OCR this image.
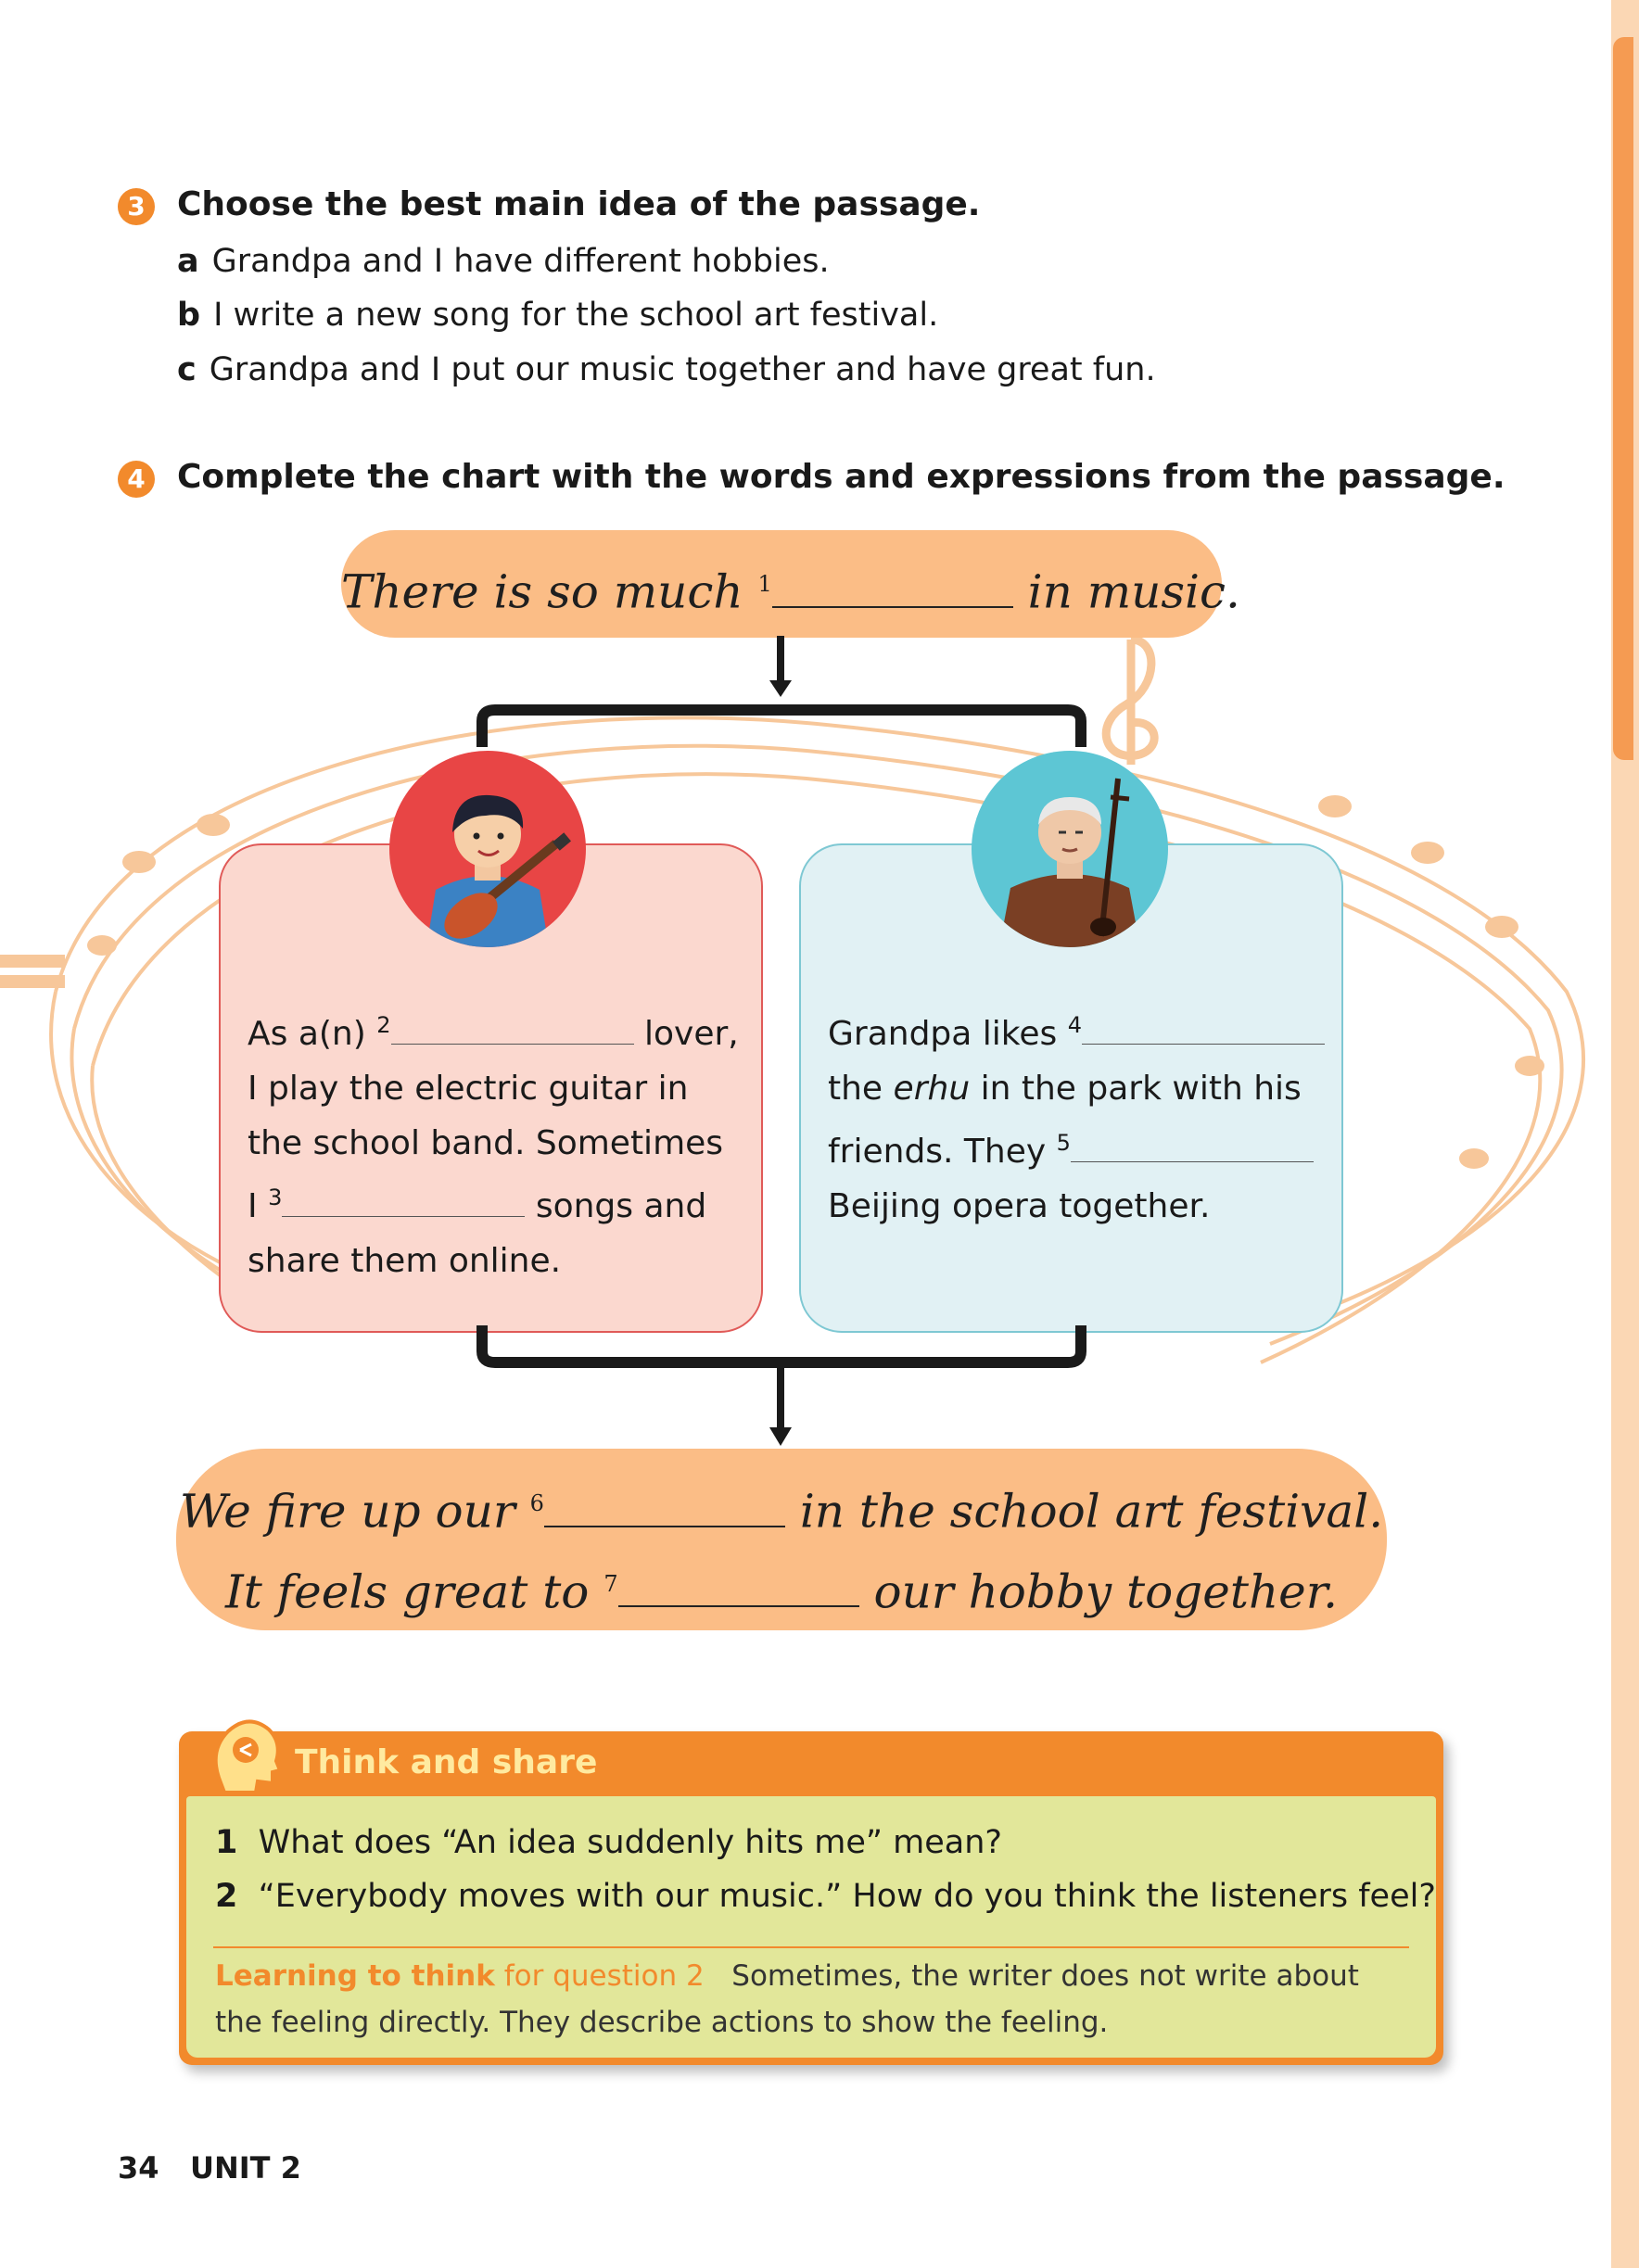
3 Choose the best main idea of the passage.
a Grandpa and I have different hobbies.
b I write a new song for the school art festival.
c Grandpa and I put our music together and have great fun.
4 Complete the chart with the words and expressions from the passage.
There is so much $^1$	in music.
As a(n) $^2$	lover,
I play the electric guitar in
the school band. Sometimes
I $^3$	songs and
share them online.
Grandpa likes $^4$
the erhu in the park with his
friends. They $^5$
Beijing opera together.
We fire up our $^6$	in the school art festival.
It feels great to $^7$	our hobby together.
Think and share
1 What does “An idea suddenly hits me” mean?
2 “Everybody moves with our music.” How do you think the listeners feel?
Learning to think for question 2 Sometimes, the writer does not write about
the feeling directly. They describe actions to show the feeling.
34 UNIT 2
